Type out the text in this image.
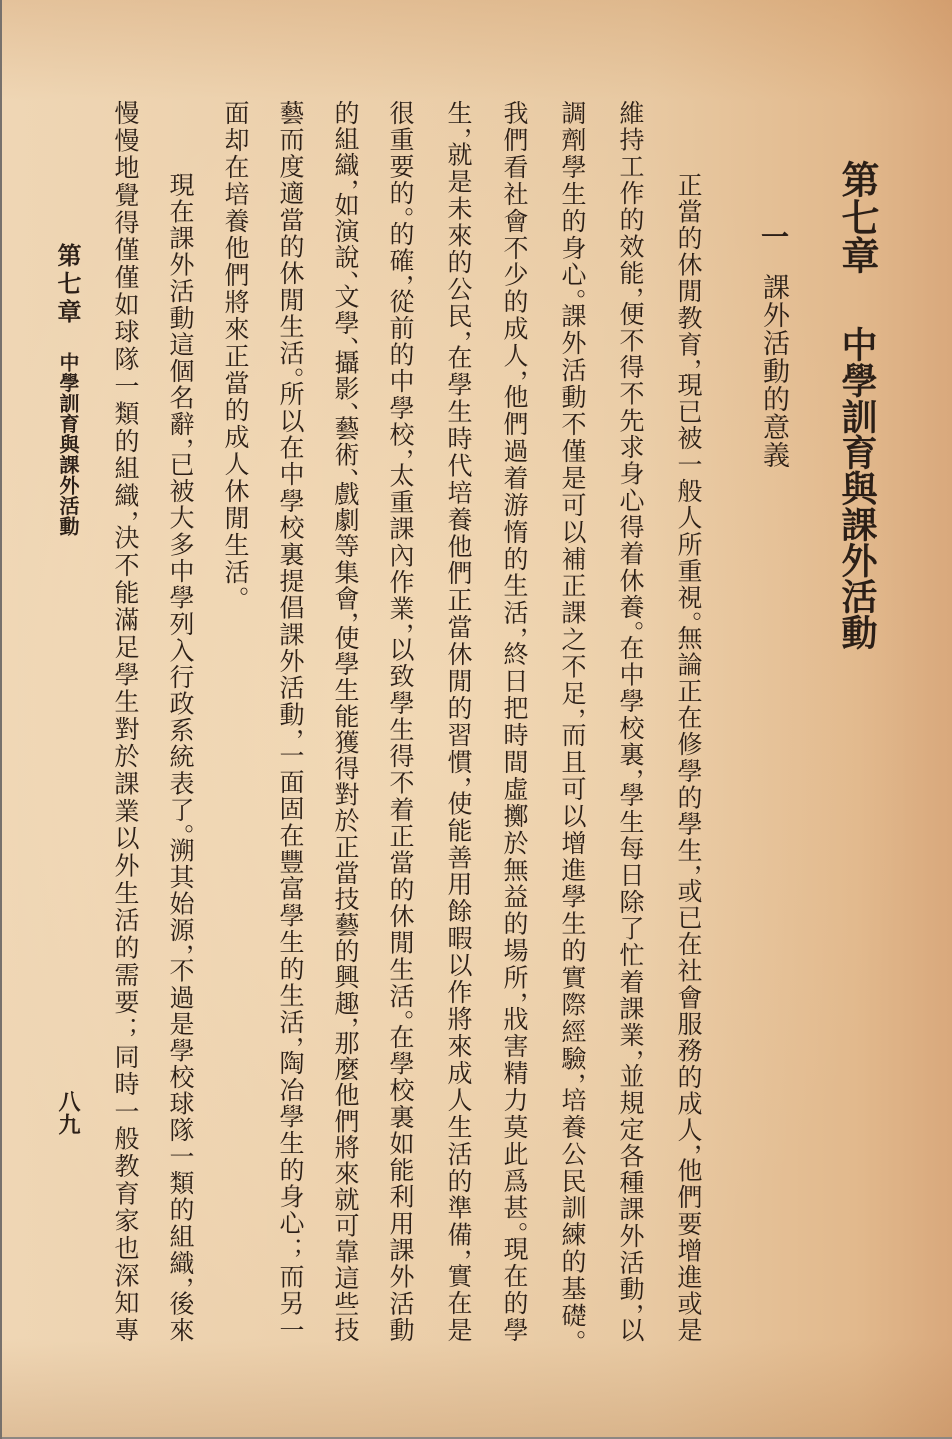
第七章
中學訓育與課外活動
一
課外活動的意義
正當的休閒教育，現已被一般人所重視。無論正在修學的學生，或已在社會服務的成人，他們要增進或是
維持工作的效能，便不得不先求身心得着休養。在中學校裏，學生每日除了忙着課業，並規定各種課外活動，以
調劑學生的身心。課外活動不僅是可以補正課之不足，而且可以增進學生的實際經驗，培養公民訓練的基礎。
我們看社會不少的成人，他們過着游惰的生活，終日把時間虛擲於無益的場所，戕害精力莫此爲甚。現在的學
生，就是未來的公民，在學生時代培養他們正當休閒的習慣，使能善用餘暇以作將來成人生活的準備，實在是
很重要的。的確，從前的中學校，太重課內作業，以致學生得不着正當的休閒生活。在學校裏如能利用課外活動
的組織，如演說、文學、攝影、藝術、戲劇等集會，使學生能獲得對於正當技藝的興趣，那麼他們將來就可靠這些技
藝而度適當的休閒生活。所以在中學校裏提倡課外活動，一面固在豐富學生的生活，陶冶學生的身心；而另一
面却在培養他們將來正當的成人休閒生活。
現在課外活動這個名辭，已被大多中學列入行政系統表了。溯其始源，不過是學校球隊一類的組織，後來
慢慢地覺得僅僅如球隊一類的組織，決不能滿足學生對於課業以外生活的需要；同時一般教育家也深知專
第七章
中學訓育與課外活動
八九
